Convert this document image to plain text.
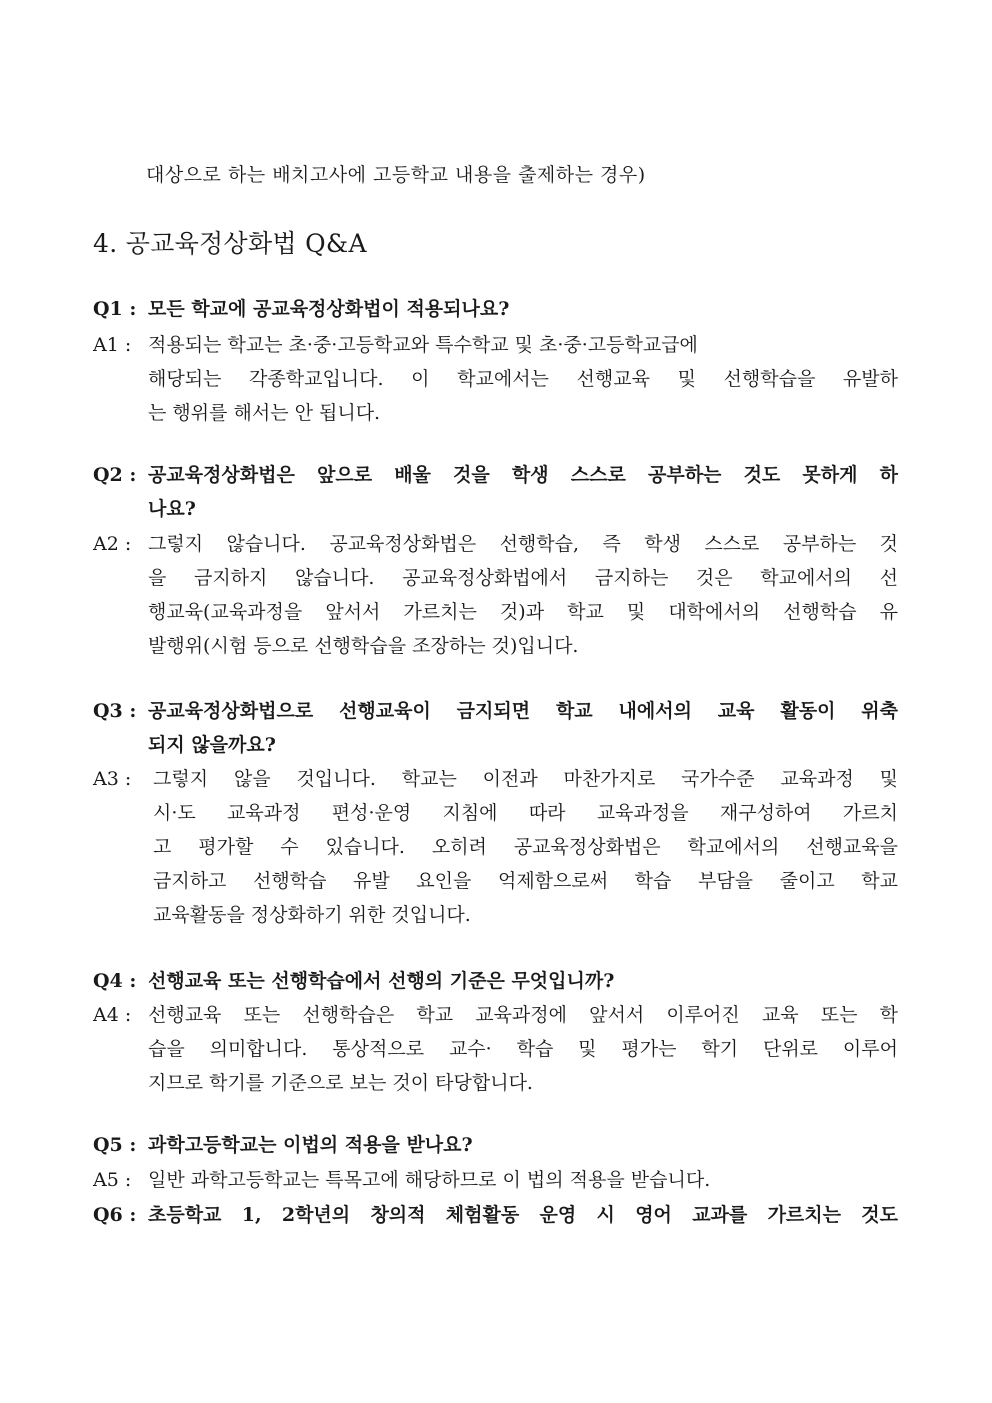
대상으로 하는 배치고사에 고등학교 내용을 출제하는 경우)
4. 공교육정상화법 Q&A
Q1 : 모든 학교에 공교육정상화법이 적용되나요?
A1 : 적용되는 학교는 초·중·고등학교와 특수학교 및 초·중·고등학교급에
해당되는 각종학교입니다. 이 학교에서는 선행교육 및 선행학습을 유발하
는 행위를 해서는 안 됩니다.
Q2 : 공교육정상화법은 앞으로 배울 것을 학생 스스로 공부하는 것도 못하게 하
나요?
A2 : 그렇지 않습니다. 공교육정상화법은 선행학습, 즉 학생 스스로 공부하는 것
을 금지하지 않습니다. 공교육정상화법에서 금지하는 것은 학교에서의 선
행교육(교육과정을 앞서서 가르치는 것)과 학교 및 대학에서의 선행학습 유
발행위(시험 등으로 선행학습을 조장하는 것)입니다.
Q3 : 공교육정상화법으로 선행교육이 금지되면 학교 내에서의 교육 활동이 위축
되지 않을까요?
A3 :	그렇지 않을 것입니다. 학교는 이전과 마찬가지로 국가수준 교육과정 및
시·도 교육과정 편성·운영 지침에 따라 교육과정을 재구성하여 가르치
고 평가할 수 있습니다. 오히려 공교육정상화법은 학교에서의 선행교육을
금지하고 선행학습 유발 요인을 억제함으로써 학습 부담을 줄이고 학교
교육활동을 정상화하기 위한 것입니다.
Q4 : 선행교육 또는 선행학습에서 선행의 기준은 무엇입니까?
A4 : 선행교육 또는 선행학습은 학교 교육과정에 앞서서 이루어진 교육 또는 학
습을 의미합니다. 통상적으로 교수· 학습 및 평가는 학기 단위로 이루어
지므로 학기를 기준으로 보는 것이 타당합니다.
Q5 : 과학고등학교는 이법의 적용을 받나요?
A5 : 일반 과학고등학교는 특목고에 해당하므로 이 법의 적용을 받습니다.
Q6 : 초등학교 1, 2학년의 창의적 체험활동 운영 시 영어 교과를 가르치는 것도
